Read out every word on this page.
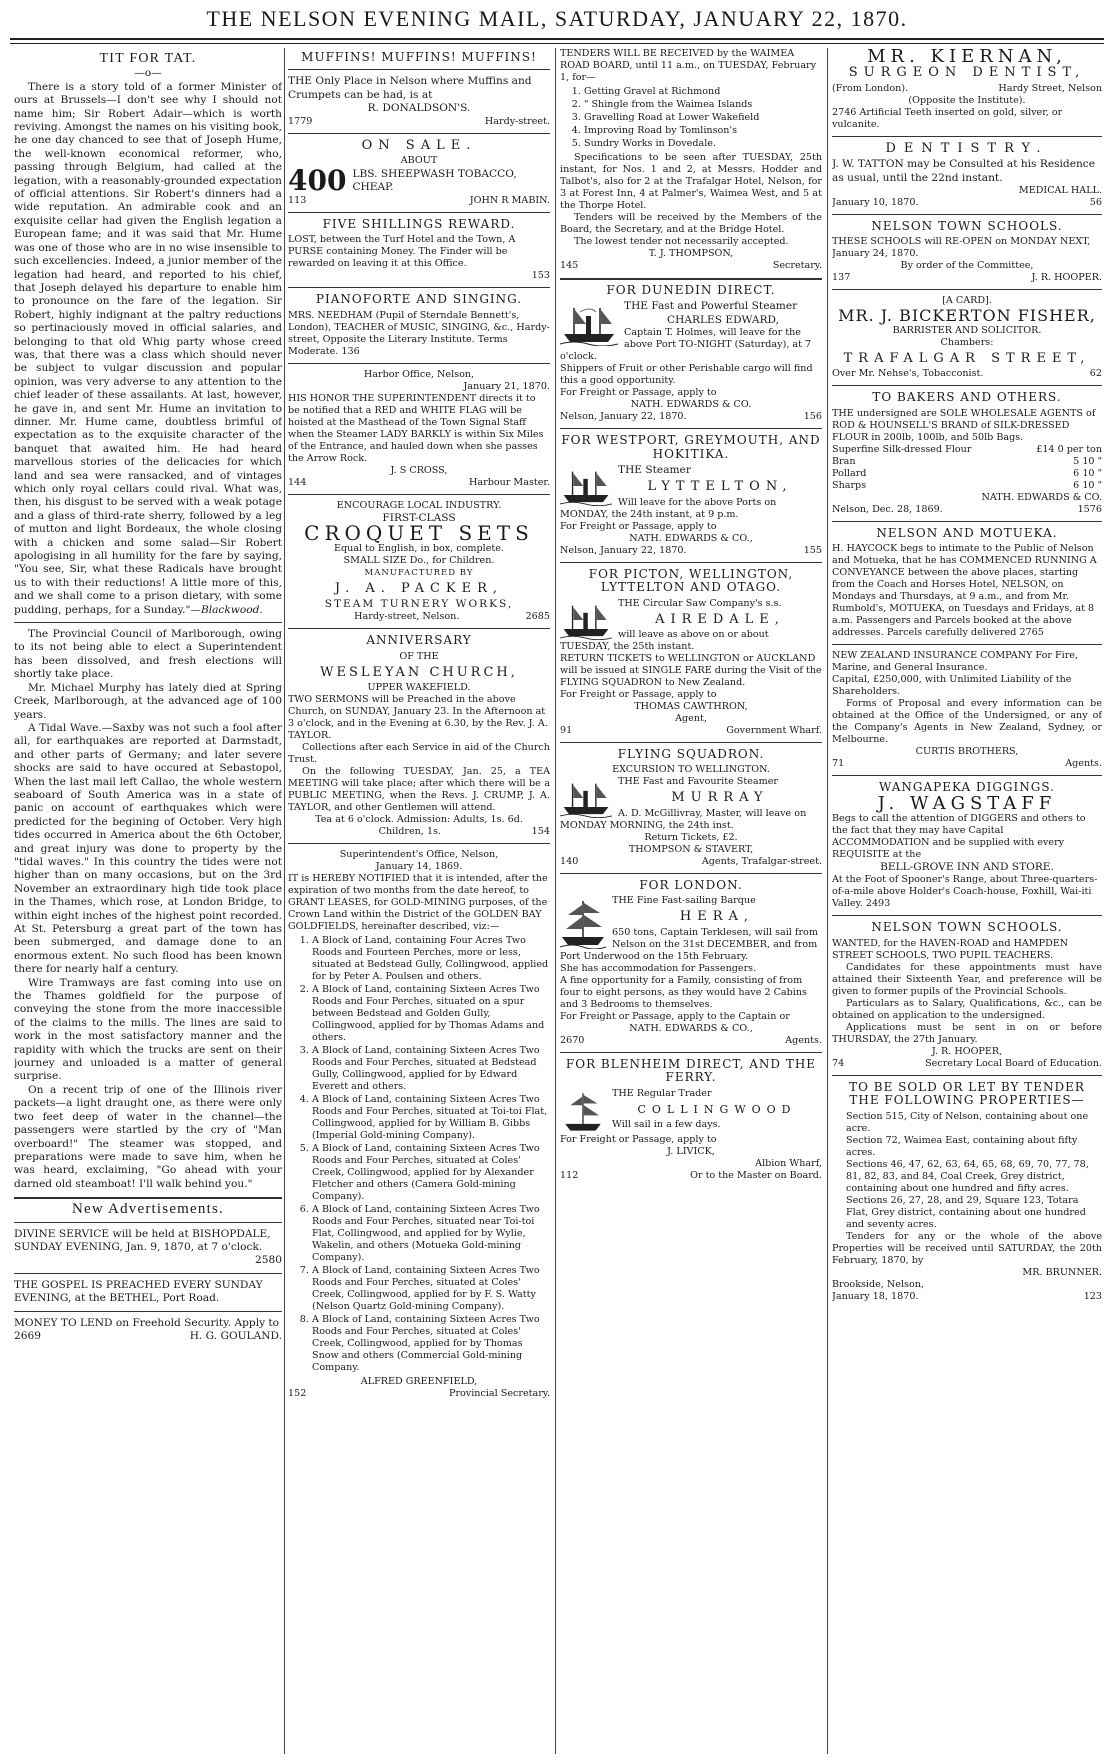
THE NELSON EVENING MAIL, SATURDAY, JANUARY 22, 1870.
TIT FOR TAT.
—o—

There is a story told of a former Minister of ours at Brussels—I don't see why I should not name him; Sir Robert Adair—which is worth reviving. Amongst the names on his visiting book, he one day chanced to see that of Joseph Hume, the well-known economical reformer, who, passing through Belgium, had called at the legation, with a reasonably-grounded expectation of official attentions. Sir Robert's dinners had a wide reputation. An admirable cook and an exquisite cellar had given the English legation a European fame; and it was said that Mr. Hume was one of those who are in no wise insensible to such excellencies. Indeed, a junior member of the legation had heard, and reported to his chief, that Joseph delayed his departure to enable him to pronounce on the fare of the legation. Sir Robert, highly indignant at the paltry reductions so pertinaciously moved in official salaries, and belonging to that old Whig party whose creed was, that there was a class which should never be subject to vulgar discussion and popular opinion, was very adverse to any attention to the chief leader of these assailants. At last, however, he gave in, and sent Mr. Hume an invitation to dinner. Mr. Hume came, doubtless brimful of expectation as to the exquisite character of the banquet that awaited him. He had heard marvellous stories of the delicacies for which land and sea were ransacked, and of vintages which only royal cellars could rival. What was, then, his disgust to be served with a weak potage and a glass of third-rate sherry, followed by a leg of mutton and light Bordeaux, the whole closing with a chicken and some salad—Sir Robert apologising in all humility for the fare by saying, "You see, Sir, what these Radicals have brought us to with their reductions! A little more of this, and we shall come to a prison dietary, with some pudding, perhaps, for a Sunday."—Blackwood.

The Provincial Council of Marlborough, owing to its not being able to elect a Superintendent has been dissolved, and fresh elections will shortly take place.

Mr. Michael Murphy has lately died at Spring Creek, Marlborough, at the advanced age of 100 years.

A Tidal Wave.—Saxby was not such a fool after all, for earthquakes are reported at Darmstadt, and other parts of Germany; and later severe shocks are said to have occured at Sebastopol, When the last mail left Callao, the whole western seaboard of South America was in a state of panic on account of earthquakes which were predicted for the begining of October. Very high tides occurred in America about the 6th October, and great injury was done to property by the "tidal waves." In this country the tides were not higher than on many occasions, but on the 3rd November an extraordinary high tide took place in the Thames, which rose, at London Bridge, to within eight inches of the highest point recorded. At St. Petersburg a great part of the town has been submerged, and damage done to an enormous extent. No such flood has been known there for nearly half a century.

Wire Tramways are fast coming into use on the Thames goldfield for the purpose of conveying the stone from the more inaccessible of the claims to the mills. The lines are said to work in the most satisfactory manner and the rapidity with which the trucks are sent on their journey and unloaded is a matter of general surprise.

On a recent trip of one of the Illinois river packets—a light draught one, as there were only two feet deep of water in the channel—the passengers were startled by the cry of "Man overboard!" The steamer was stopped, and preparations were made to save him, when he was heard, exclaiming, "Go ahead with your darned old steamboat! I'll walk behind you."

New Advertisements.

DIVINE SERVICE will be held at BISHOPDALE, SUNDAY EVENING, Jan. 9, 1870, at 7 o'clock.

2580

THE GOSPEL IS PREACHED EVERY SUNDAY EVENING, at the BETHEL, Port Road.

MONEY TO LEND on Freehold Security. Apply to

2669	H. G. GOULAND.
MUFFINS! MUFFINS! MUFFINS!

THE Only Place in Nelson where Muffins and Crumpets can be had, is at

R. DONALDSON'S.
1779	Hardy-street.
ON SALE.
ABOUT
400 LBS. SHEEPWASH TOBACCO, CHEAP.
113	JOHN R MABIN.
FIVE SHILLINGS REWARD.

LOST, between the Turf Hotel and the Town, A PURSE containing Money. The Finder will be rewarded on leaving it at this Office.

153
PIANOFORTE AND SINGING.

MRS. NEEDHAM (Pupil of Sterndale Bennett's, London), TEACHER of MUSIC, SINGING, &c., Hardy-street, Opposite the Literary Institute. Terms Moderate. 136

Harbor Office, Nelson,
January 21, 1870.

HIS HONOR THE SUPERINTENDENT directs it to be notified that a RED and WHITE FLAG will be hoisted at the Masthead of the Town Signal Staff when the Steamer LADY BARKLY is within Six Miles of the Entrance, and hauled down when she passes the Arrow Rock.

J. S CROSS,
144	Harbour Master.
ENCOURAGE LOCAL INDUSTRY.
FIRST-CLASS
CROQUET SETS
Equal to English, in box, complete.
SMALL SIZE Do., for Children.
MANUFACTURED BY
J. A. PACKER,
STEAM TURNERY WORKS,
Hardy-street, Nelson.	2685
ANNIVERSARY
OF THE
WESLEYAN CHURCH,
UPPER WAKEFIELD.

TWO SERMONS will be Preached in the above Church, on SUNDAY, January 23. In the Afternoon at 3 o'clock, and in the Evening at 6.30, by the Rev. J. A. TAYLOR.

Collections after each Service in aid of the Church Trust.

On the following TUESDAY, Jan. 25, a TEA MEETING will take place; after which there will be a PUBLIC MEETING, when the Revs. J. CRUMP, J. A. TAYLOR, and other Gentlemen will attend.

Tea at 6 o'clock. Admission: Adults, 1s. 6d.
Children, 1s.	154
Superintendent's Office, Nelson,
January 14, 1869.

IT is HEREBY NOTIFIED that it is intended, after the expiration of two months from the date hereof, to GRANT LEASES, for GOLD-MINING purposes, of the Crown Land within the District of the GOLDEN BAY GOLDFIELDS, hereinafter described, viz:—

1. A Block of Land, containing Four Acres Two Roods and Fourteen Perches, more or less, situated at Bedstead Gully, Collingwood, applied for by Peter A. Poulsen and others.
2. A Block of Land, containing Sixteen Acres Two Roods and Four Perches, situated on a spur between Bedstead and Golden Gully, Collingwood, applied for by Thomas Adams and others.
3. A Block of Land, containing Sixteen Acres Two Roods and Four Perches, situated at Bedstead Gully, Collingwood, applied for by Edward Everett and others.
4. A Block of Land, containing Sixteen Acres Two Roods and Four Perches, situated at Toi-toi Flat, Collingwood, applied for by William B. Gibbs (Imperial Gold-mining Company).
5. A Block of Land, containing Sixteen Acres Two Roods and Four Perches, situated at Coles' Creek, Collingwood, applied for by Alexander Fletcher and others (Camera Gold-mining Company).
6. A Block of Land, containing Sixteen Acres Two Roods and Four Perches, situated near Toi-toi Flat, Collingwood, and applied for by Wylie, Wakelin, and others (Motueka Gold-mining Company).
7. A Block of Land, containing Sixteen Acres Two Roods and Four Perches, situated at Coles' Creek, Collingwood, applied for by F. S. Watty (Nelson Quartz Gold-mining Company).
8. A Block of Land, containing Sixteen Acres Two Roods and Four Perches, situated at Coles' Creek, Collingwood, applied for by Thomas Snow and others (Commercial Gold-mining Company.
ALFRED GREENFIELD,
152	Provincial Secretary.

TENDERS WILL BE RECEIVED by the WAIMEA ROAD BOARD, until 11 a.m., on TUESDAY, February 1, for—

1. Getting Gravel at Richmond
2. " Shingle from the Waimea Islands
3. Gravelling Road at Lower Wakefield
4. Improving Road by Tomlinson's
5. Sundry Works in Dovedale.

Specifications to be seen after TUESDAY, 25th instant, for Nos. 1 and 2, at Messrs. Hodder and Talbot's, also for 2 at the Trafalgar Hotel, Nelson, for 3 at Forest Inn, 4 at Palmer's, Waimea West, and 5 at the Thorpe Hotel.

Tenders will be received by the Members of the Board, the Secretary, and at the Bridge Hotel.

The lowest tender not necessarily accepted.

T. J. THOMPSON,
145	Secretary.
FOR DUNEDIN DIRECT.

THE Fast and Powerful Steamer

CHARLES EDWARD,

Captain T. Holmes, will leave for the above Port TO-NIGHT (Saturday), at 7 o'clock.

Shippers of Fruit or other Perishable cargo will find this a good opportunity.

For Freight or Passage, apply to

NATH. EDWARDS & CO.
Nelson, January 22, 1870.	156
FOR WESTPORT, GREYMOUTH, AND HOKITIKA.

THE Steamer

LYTTELTON,

Will leave for the above Ports on MONDAY, the 24th instant, at 9 p.m.

For Freight or Passage, apply to

NATH. EDWARDS & CO.,
Nelson, January 22, 1870.	155
FOR PICTON, WELLINGTON, LYTTELTON AND OTAGO.

THE Circular Saw Company's s.s.

AIREDALE,

will leave as above on or about TUESDAY, the 25th instant.

RETURN TICKETS to WELLINGTON or AUCKLAND will be issued at SINGLE FARE during the Visit of the FLYING SQUADRON to New Zealand.

For Freight or Passage, apply to

THOMAS CAWTHRON,
Agent,
91	Government Wharf.
FLYING SQUADRON.
EXCURSION TO WELLINGTON.

THE Fast and Favourite Steamer

MURRAY

A. D. McGillivray, Master, will leave on MONDAY MORNING, the 24th inst.

Return Tickets, £2.
THOMPSON & STAVERT,
140	Agents, Trafalgar-street.
FOR LONDON.

THE Fine Fast-sailing Barque

HERA,

650 tons, Captain Terklesen, will sail from Nelson on the 31st DECEMBER, and from Port Underwood on the 15th February.

She has accommodation for Passengers.

A fine opportunity for a Family, consisting of from four to eight persons, as they would have 2 Cabins and 3 Bedrooms to themselves.

For Freight or Passage, apply to the Captain or

NATH. EDWARDS & CO.,
2670	Agents.
FOR BLENHEIM DIRECT, AND THE FERRY.

THE Regular Trader

COLLINGWOOD

Will sail in a few days.

For Freight or Passage, apply to

J. LIVICK,
Albion Wharf,
112	Or to the Master on Board.
MR. KIERNAN,
SURGEON DENTIST,
(From London).	Hardy Street, Nelson
(Opposite the Institute).

2746 Artificial Teeth inserted on gold, silver, or vulcanite.

DENTISTRY.

J. W. TATTON may be Consulted at his Residence as usual, until the 22nd instant.

MEDICAL HALL.
January 10, 1870.	56
NELSON TOWN SCHOOLS.

THESE SCHOOLS will RE-OPEN on MONDAY NEXT, January 24, 1870.

By order of the Committee,
137	J. R. HOOPER.
[A CARD].
MR. J. BICKERTON FISHER,
BARRISTER AND SOLICITOR.
Chambers:
TRAFALGAR STREET,
Over Mr. Nehse's, Tobacconist.	62
TO BAKERS AND OTHERS.

THE undersigned are SOLE WHOLESALE AGENTS of ROD & HOUNSELL'S BRAND of SILK-DRESSED FLOUR in 200lb, 100lb, and 50lb Bags.

Superfine Silk-dressed Flour	£14 0 per ton
Bran	5 10 "
Pollard	6 10 "
Sharps	6 10 "
NATH. EDWARDS & CO.
Nelson, Dec. 28, 1869.	1576
NELSON AND MOTUEKA.

H. HAYCOCK begs to intimate to the Public of Nelson and Motueka, that he has COMMENCED RUNNING A CONVEYANCE between the above places, starting from the Coach and Horses Hotel, NELSON, on Mondays and Thursdays, at 9 a.m., and from Mr. Rumbold's, MOTUEKA, on Tuesdays and Fridays, at 8 a.m. Passengers and Parcels booked at the above addresses. Parcels carefully delivered 2765

NEW ZEALAND INSURANCE COMPANY For Fire, Marine, and General Insurance.

Capital, £250,000, with Unlimited Liability of the Shareholders.

Forms of Proposal and every information can be obtained at the Office of the Undersigned, or any of the Company's Agents in New Zealand, Sydney, or Melbourne.

CURTIS BROTHERS,
71	Agents.
WANGAPEKA DIGGINGS.
J. WAGSTAFF

Begs to call the attention of DIGGERS and others to the fact that they may have Capital ACCOMMODATION and be supplied with every REQUISITE at the

BELL-GROVE INN AND STORE.

At the Foot of Spooner's Range, about Three-quarters-of-a-mile above Holder's Coach-house, Foxhill, Wai-iti Valley. 2493

NELSON TOWN SCHOOLS.

WANTED, for the HAVEN-ROAD and HAMPDEN STREET SCHOOLS, TWO PUPIL TEACHERS.

Candidates for these appointments must have attained their Sixteenth Year, and preference will be given to former pupils of the Provincial Schools.

Particulars as to Salary, Qualifications, &c., can be obtained on application to the undersigned.

Applications must be sent in on or before THURSDAY, the 27th January.

J. R. HOOPER,
74	Secretary Local Board of Education.
TO BE SOLD OR LET BY TENDER THE FOLLOWING PROPERTIES—

Section 515, City of Nelson, containing about one acre.

Section 72, Waimea East, containing about fifty acres.

Sections 46, 47, 62, 63, 64, 65, 68, 69, 70, 77, 78, 81, 82, 83, and 84, Coal Creek, Grey district, containing about one hundred and fifty acres.

Sections 26, 27, 28, and 29, Square 123, Totara Flat, Grey district, containing about one hundred and seventy acres.

Tenders for any or the whole of the above Properties will be received until SATURDAY, the 20th February, 1870, by

MR. BRUNNER.
Brookside, Nelson,
January 18, 1870.	123
